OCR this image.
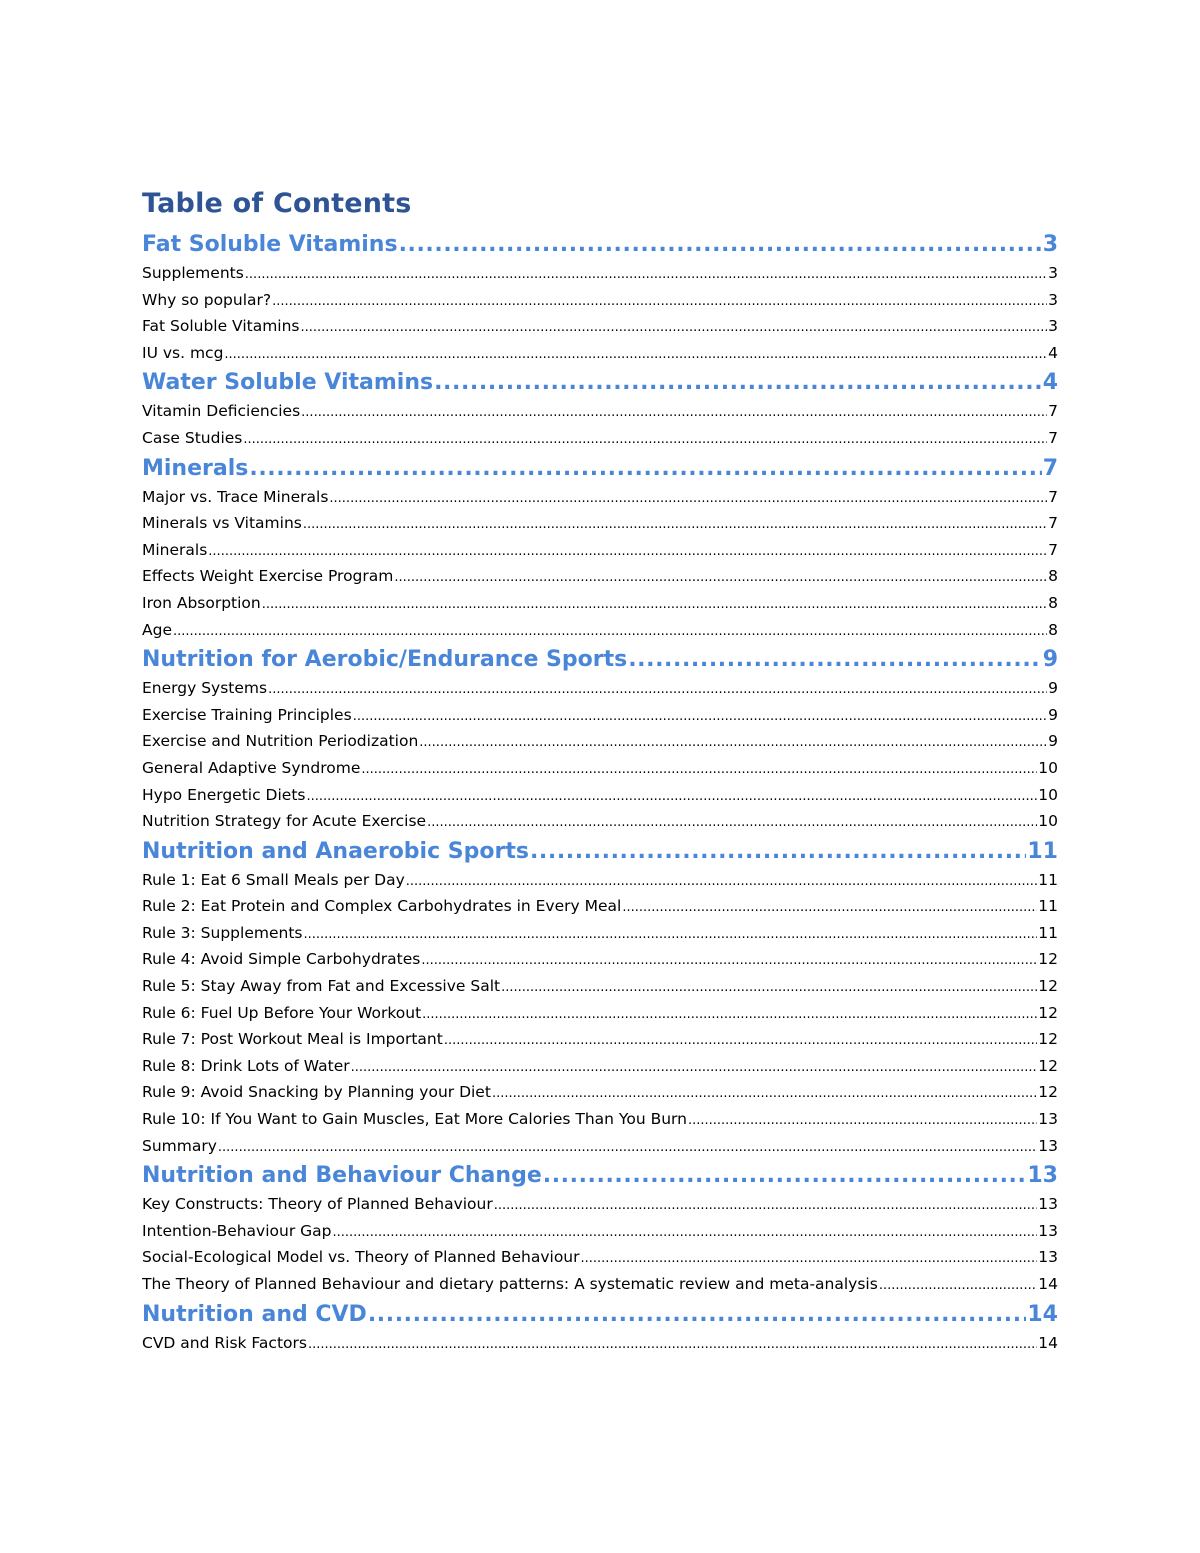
Table of Contents
Fat Soluble Vitamins .....	3
Supplements .....	3
Why so popular? .....	3
Fat Soluble Vitamins .....	3
IU vs. mcg .....	4
Water Soluble Vitamins .....	4
Vitamin Deficiencies .....	7
Case Studies .....	7
Minerals .....	7
Major vs. Trace Minerals .....	7
Minerals vs Vitamins .....	7
Minerals .....	7
Effects Weight Exercise Program .....	8
Iron Absorption .....	8
Age .....	8
Nutrition for Aerobic/Endurance Sports .....	9
Energy Systems .....	9
Exercise Training Principles .....	9
Exercise and Nutrition Periodization .....	9
General Adaptive Syndrome .....	10
Hypo Energetic Diets .....	10
Nutrition Strategy for Acute Exercise .....	10
Nutrition and Anaerobic Sports .....	11
Rule 1: Eat 6 Small Meals per Day .....	11
Rule 2: Eat Protein and Complex Carbohydrates in Every Meal .....	11
Rule 3: Supplements .....	11
Rule 4: Avoid Simple Carbohydrates .....	12
Rule 5: Stay Away from Fat and Excessive Salt .....	12
Rule 6: Fuel Up Before Your Workout .....	12
Rule 7: Post Workout Meal is Important .....	12
Rule 8: Drink Lots of Water .....	12
Rule 9: Avoid Snacking by Planning your Diet .....	12
Rule 10: If You Want to Gain Muscles, Eat More Calories Than You Burn .....	13
Summary .....	13
Nutrition and Behaviour Change .....	13
Key Constructs: Theory of Planned Behaviour .....	13
Intention-Behaviour Gap .....	13
Social-Ecological Model vs. Theory of Planned Behaviour .....	13
The Theory of Planned Behaviour and dietary patterns: A systematic review and meta-analysis .....	14
Nutrition and CVD .....	14
CVD and Risk Factors .....	14
